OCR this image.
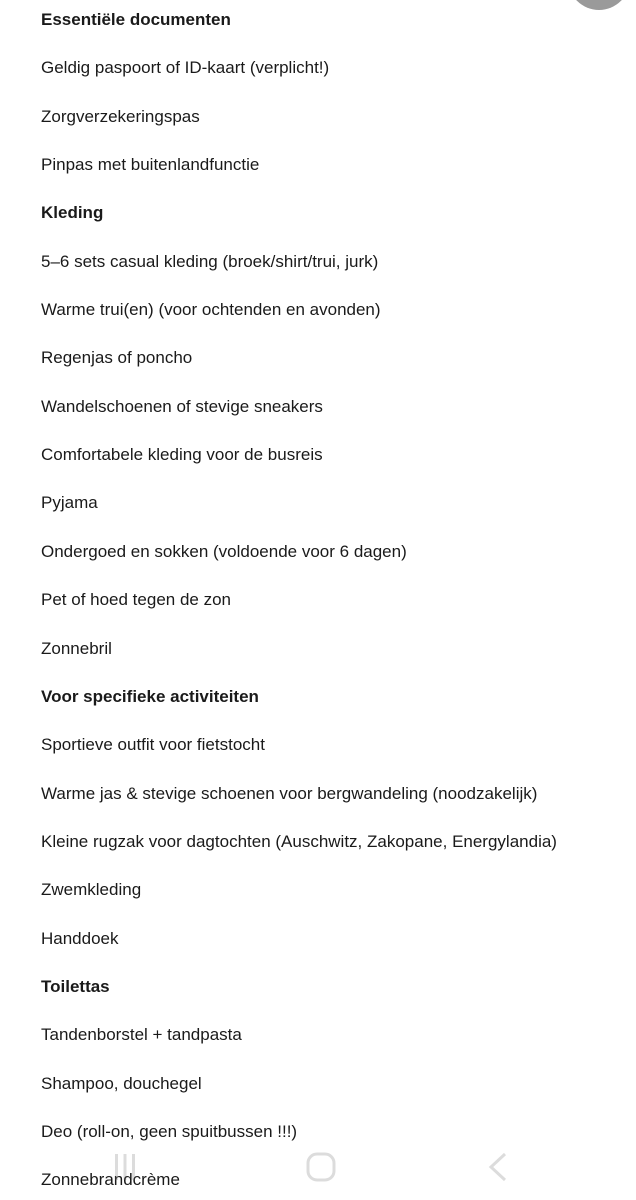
Essentiële documenten
Geldig paspoort of ID-kaart (verplicht!)
Zorgverzekeringspas
Pinpas met buitenlandfunctie
Kleding
5–6 sets casual kleding (broek/shirt/trui, jurk)
Warme trui(en) (voor ochtenden en avonden)
Regenjas of poncho
Wandelschoenen of stevige sneakers
Comfortabele kleding voor de busreis
Pyjama
Ondergoed en sokken (voldoende voor 6 dagen)
Pet of hoed tegen de zon
Zonnebril
Voor specifieke activiteiten
Sportieve outfit voor fietstocht
Warme jas & stevige schoenen voor bergwandeling (noodzakelijk)
Kleine rugzak voor dagtochten (Auschwitz, Zakopane, Energylandia)
Zwemkleding
Handdoek
Toilettas
Tandenborstel + tandpasta
Shampoo, douchegel
Deo (roll-on, geen spuitbussen !!!)
Zonnebrandcrème
